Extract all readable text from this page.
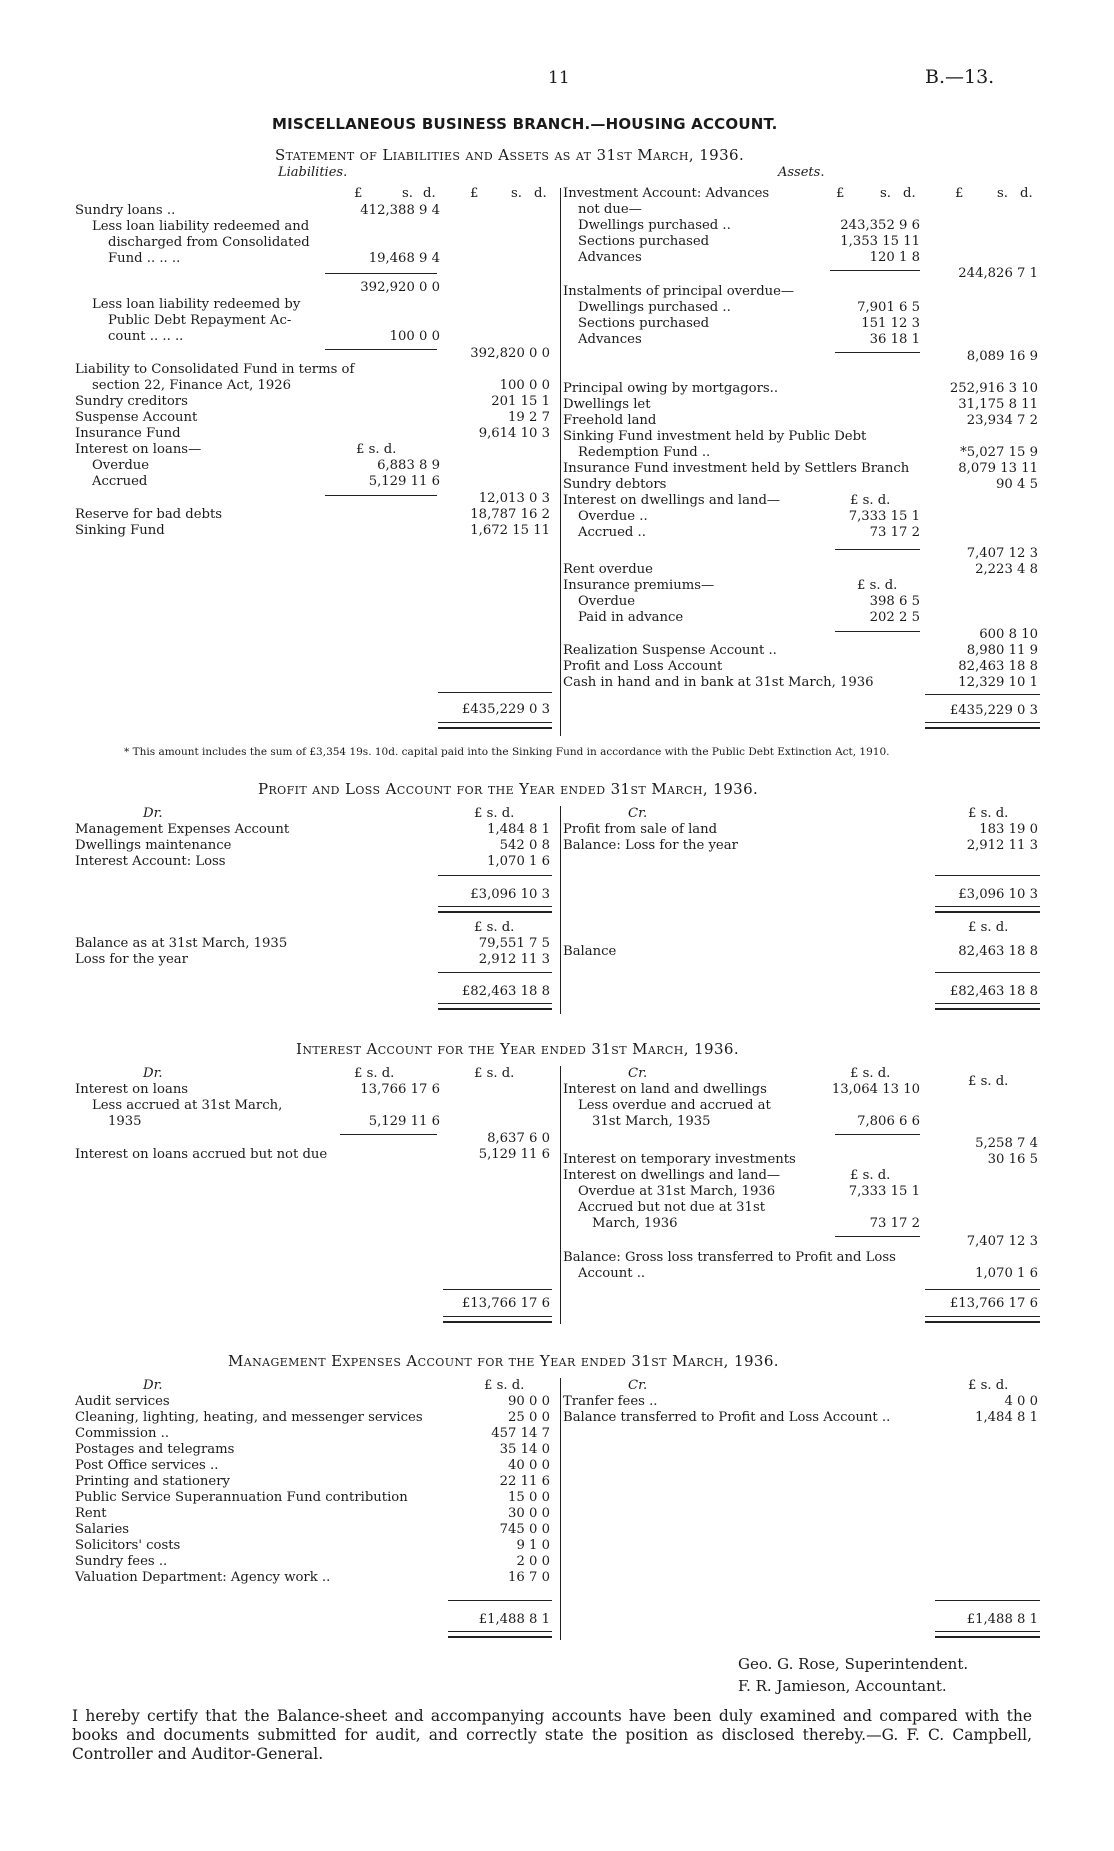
11	B.—13.
MISCELLANEOUS BUSINESS BRANCH.—HOUSING ACCOUNT.
Statement of Liabilities and Assets as at 31st March, 1936.
Liabilities.	Assets.
£	s. d.	£ s. d.
Sundry loans ..	412,388 9 4
Less loan liability redeemed and
discharged from Consolidated
Fund .. .. ..	19,468 9 4
392,920 0 0
Less loan liability redeemed by
Public Debt Repayment Ac-
count .. .. ..	100 0 0
392,820 0 0
Liability to Consolidated Fund in terms of
section 22, Finance Act, 1926	100 0 0
Sundry creditors	201 15 1
Suspense Account	19 2 7
Insurance Fund	9,614 10 3
Interest on loans—	£ s. d.
Overdue	6,883 8 9
Accrued	5,129 11 6
12,013 0 3
Reserve for bad debts	18,787 16 2
Sinking Fund	1,672 15 11
£435,229 0 3
£	s. d.	£	s. d.
Investment Account: Advances
not due—
Dwellings purchased ..	243,352 9 6
Sections purchased	1,353 15 11
Advances	120 1 8
244,826 7 1
Instalments of principal overdue—
Dwellings purchased ..	7,901 6 5
Sections purchased	151 12 3
Advances	36 18 1
8,089 16 9
Principal owing by mortgagors..	252,916 3 10
Dwellings let	31,175 8 11
Freehold land	23,934 7 2
Sinking Fund investment held by Public Debt
Redemption Fund ..	*5,027 15 9
Insurance Fund investment held by Settlers Branch	8,079 13 11
Sundry debtors	90 4 5
Interest on dwellings and land—	£ s. d.
Overdue ..	7,333 15 1
Accrued ..	73 17 2
7,407 12 3
Rent overdue	2,223 4 8
Insurance premiums—	£ s. d.
Overdue	398 6 5
Paid in advance	202 2 5
600 8 10
Realization Suspense Account ..	8,980 11 9
Profit and Loss Account	82,463 18 8
Cash in hand and in bank at 31st March, 1936	12,329 10 1
£435,229 0 3
* This amount includes the sum of £3,354 19s. 10d. capital paid into the Sinking Fund in accordance with the Public Debt Extinction Act, 1910.
Profit and Loss Account for the Year ended 31st March, 1936.
Dr.	Cr.
£ s. d.	£ s. d.
Management Expenses Account	1,484 8 1
Dwellings maintenance	542 0 8
Interest Account: Loss	1,070 1 6
£3,096 10 3
Profit from sale of land	183 19 0
Balance: Loss for the year	2,912 11 3
£3,096 10 3
£ s. d.	£ s. d.
Balance as at 31st March, 1935	79,551 7 5
Loss for the year	2,912 11 3
£82,463 18 8
Balance	82,463 18 8
£82,463 18 8
Interest Account for the Year ended 31st March, 1936.
Dr.	Cr.
£ s. d.	£ s. d.	£ s. d.
£ s. d.
Interest on loans	13,766 17 6
Less accrued at 31st March,
1935	5,129 11 6
8,637 6 0
Interest on loans accrued but not due	5,129 11 6
£13,766 17 6
Interest on land and dwellings	13,064 13 10
Less overdue and accrued at
31st March, 1935	7,806 6 6
5,258 7 4
Interest on temporary investments	30 16 5
Interest on dwellings and land—	£ s. d.
Overdue at 31st March, 1936	7,333 15 1
Accrued but not due at 31st
March, 1936	73 17 2
7,407 12 3
Balance: Gross loss transferred to Profit and Loss
Account ..	1,070 1 6
£13,766 17 6
Management Expenses Account for the Year ended 31st March, 1936.
Dr.	Cr.
£ s. d.	£ s. d.
Audit services	90 0 0
Cleaning, lighting, heating, and messenger services	25 0 0
Commission ..	457 14 7
Postages and telegrams	35 14 0
Post Office services ..	40 0 0
Printing and stationery	22 11 6
Public Service Superannuation Fund contribution	15 0 0
Rent	30 0 0
Salaries	745 0 0
Solicitors' costs	9 1 0
Sundry fees ..	2 0 0
Valuation Department: Agency work ..	16 7 0
£1,488 8 1
Tranfer fees ..	4 0 0
Balance transferred to Profit and Loss Account ..	1,484 8 1
£1,488 8 1
Geo. G. Rose, Superintendent.
F. R. Jamieson, Accountant.
I hereby certify that the Balance-sheet and accompanying accounts have been duly examined and compared with the books and documents submitted for audit, and correctly state the position as disclosed thereby.—G. F. C. Campbell, Controller and Auditor-General.
